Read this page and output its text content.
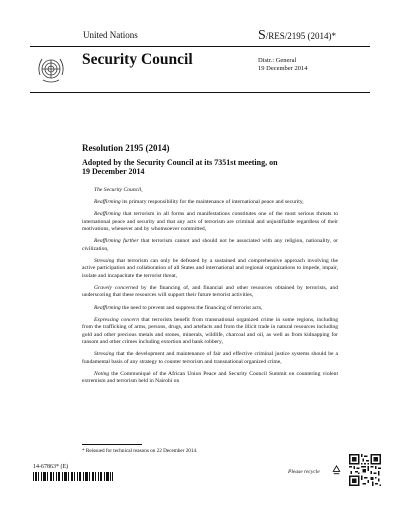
United Nations	S/RES/2195 (2014)*
Security Council	Distr.: General
19 December 2014
Resolution 2195 (2014)
Adopted by the Security Council at its 7351st meeting, on 19 December 2014

The Security Council,

Reaffirming its primary responsibility for the maintenance of international peace and security,

Reaffirming that terrorism in all forms and manifestations constitutes one of the most serious threats to international peace and security and that any acts of terrorism are criminal and unjustifiable regardless of their motivations, whenever and by whomsoever committed,

Reaffirming further that terrorism cannot and should not be associated with any religion, nationality, or civilization,

Stressing that terrorism can only be defeated by a sustained and comprehensive approach involving the active participation and collaboration of all States and international and regional organizations to impede, impair, isolate and incapacitate the terrorist threat,

Gravely concerned by the financing of, and financial and other resources obtained by terrorists, and underscoring that these resources will support their future terrorist activities,

Reaffirming the need to prevent and suppress the financing of terrorist acts,

Expressing concern that terrorists benefit from transnational organized crime in some regions, including from the trafficking of arms, persons, drugs, and artefacts and from the illicit trade in natural resources including gold and other precious metals and stones, minerals, wildlife, charcoal and oil, as well as from kidnapping for ransom and other crimes including extortion and bank robbery,

Stressing that the development and maintenance of fair and effective criminal justice systems should be a fundamental basis of any strategy to counter terrorism and transnational organized crime,

Noting the Communiqué of the African Union Peace and Security Council Summit on countering violent extremism and terrorism held in Nairobi on

* Reissued for technical reasons on 22 December 2014.
14-67863* (E)
Please recycle
